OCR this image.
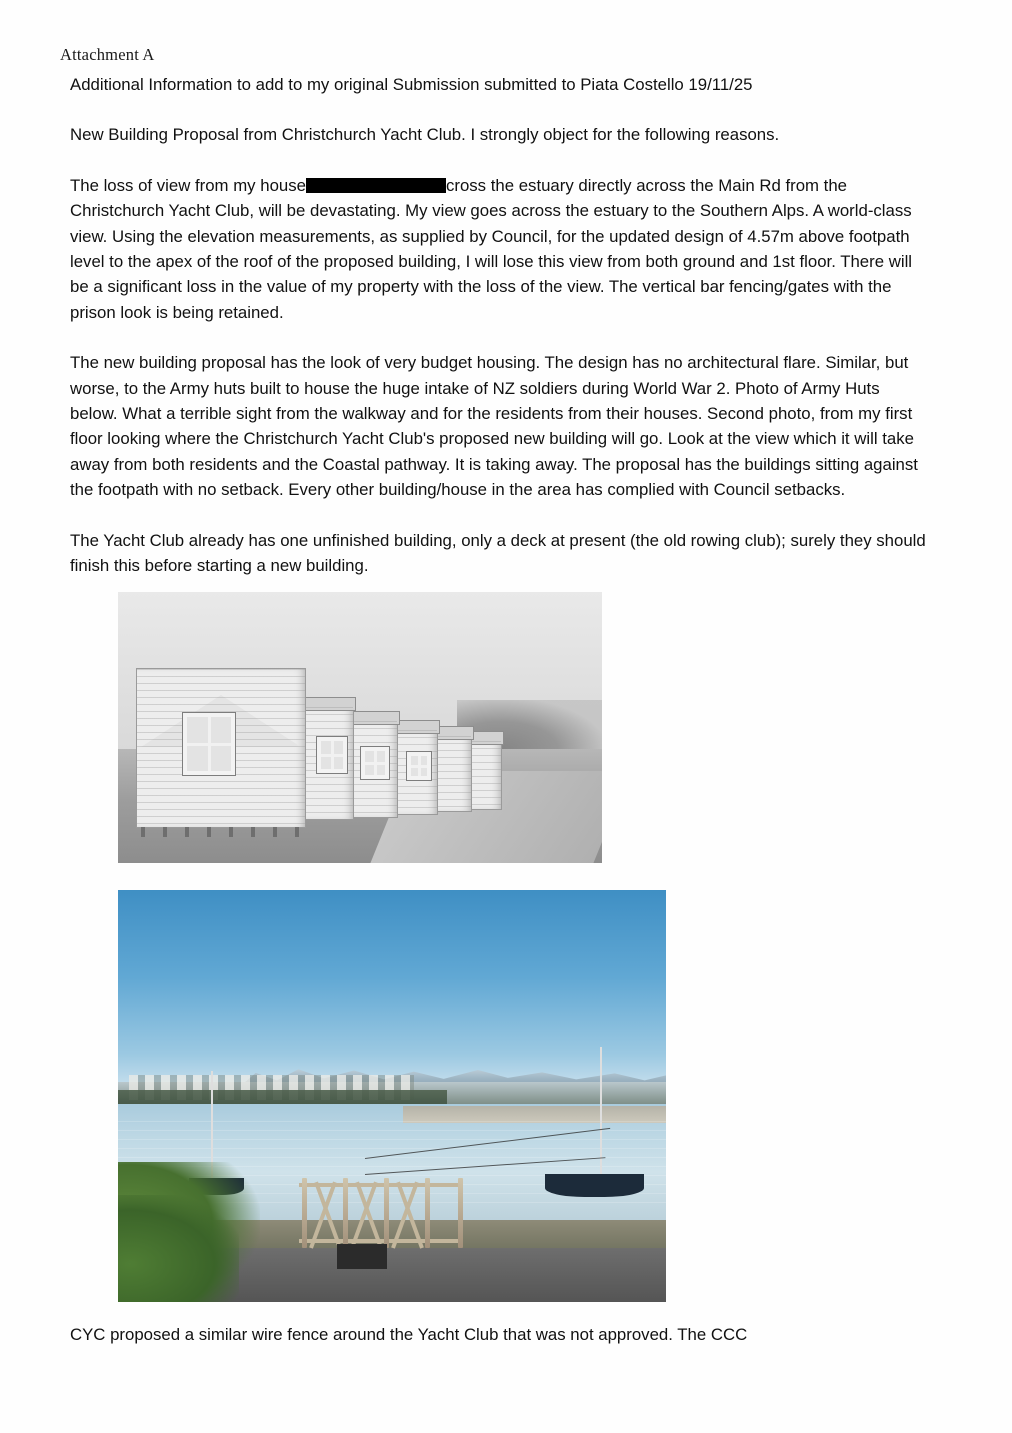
Attachment A

Additional Information to add to my original Submission submitted to Piata Costello 19/11/25

New Building Proposal from Christchurch Yacht Club. I strongly object for the following reasons.

The loss of view from my house	cross the estuary directly across the Main Rd from the Christchurch Yacht Club, will be devastating. My view goes across the estuary to the Southern Alps. A world-class view. Using the elevation measurements, as supplied by Council, for the updated design of 4.57m above footpath level to the apex of the roof of the proposed building, I will lose this view from both ground and 1st floor. There will be a significant loss in the value of my property with the loss of the view. The vertical bar fencing/gates with the prison look is being retained.

The new building proposal has the look of very budget housing. The design has no architectural flare. Similar, but worse, to the Army huts built to house the huge intake of NZ soldiers during World War 2. Photo of Army Huts below. What a terrible sight from the walkway and for the residents from their houses. Second photo, from my first floor looking where the Christchurch Yacht Club's proposed new building will go. Look at the view which it will take away from both residents and the Coastal pathway. It is taking away. The proposal has the buildings sitting against the footpath with no setback. Every other building/house in the area has complied with Council setbacks.

The Yacht Club already has one unfinished building, only a deck at present (the old rowing club); surely they should finish this before starting a new building.

CYC proposed a similar wire fence around the Yacht Club that was not approved. The CCC
